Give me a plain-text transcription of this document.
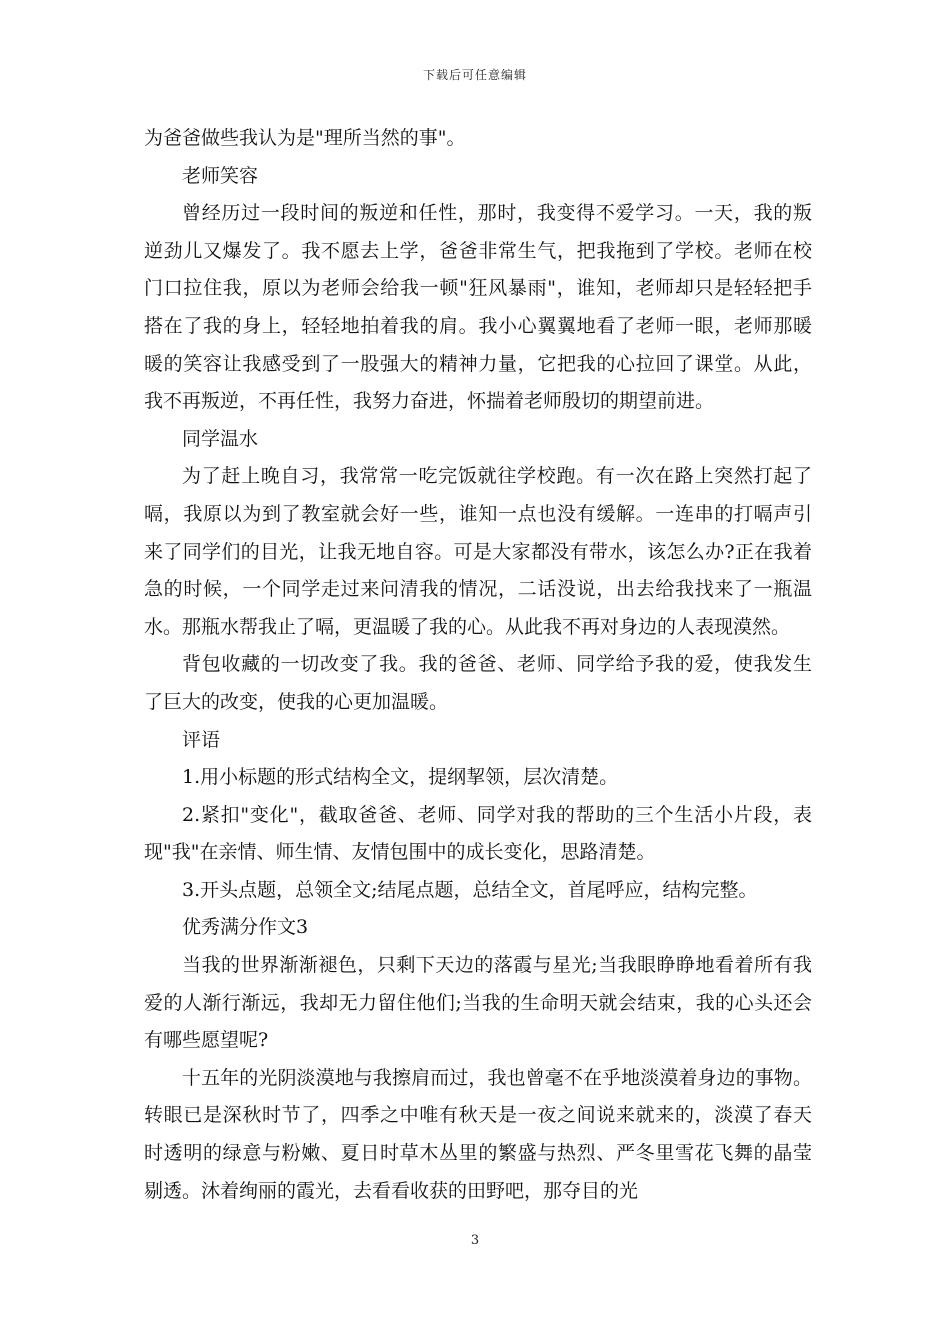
下载后可任意编辑

为爸爸做些我认为是"理所当然的事"。

老师笑容

曾经历过一段时间的叛逆和任性，那时，我变得不爱学习。一天，我的叛

逆劲儿又爆发了。我不愿去上学，爸爸非常生气，把我拖到了学校。老师在校

门口拉住我，原以为老师会给我一顿"狂风暴雨"，谁知，老师却只是轻轻把手

搭在了我的身上，轻轻地拍着我的肩。我小心翼翼地看了老师一眼，老师那暖

暖的笑容让我感受到了一股强大的精神力量，它把我的心拉回了课堂。从此，

我不再叛逆，不再任性，我努力奋进，怀揣着老师殷切的期望前进。

同学温水

为了赶上晚自习，我常常一吃完饭就往学校跑。有一次在路上突然打起了

嗝，我原以为到了教室就会好一些，谁知一点也没有缓解。一连串的打嗝声引

来了同学们的目光，让我无地自容。可是大家都没有带水，该怎么办?正在我着

急的时候，一个同学走过来问清我的情况，二话没说，出去给我找来了一瓶温

水。那瓶水帮我止了嗝，更温暖了我的心。从此我不再对身边的人表现漠然。

背包收藏的一切改变了我。我的爸爸、老师、同学给予我的爱，使我发生

了巨大的改变，使我的心更加温暖。

评语

1.用小标题的形式结构全文，提纲挈领，层次清楚。

2.紧扣"变化"，截取爸爸、老师、同学对我的帮助的三个生活小片段，表

现"我"在亲情、师生情、友情包围中的成长变化，思路清楚。

3.开头点题，总领全文;结尾点题，总结全文，首尾呼应，结构完整。

优秀满分作文3

当我的世界渐渐褪色，只剩下天边的落霞与星光;当我眼睁睁地看着所有我

爱的人渐行渐远，我却无力留住他们;当我的生命明天就会结束，我的心头还会

有哪些愿望呢?

十五年的光阴淡漠地与我擦肩而过，我也曾毫不在乎地淡漠着身边的事物。

转眼已是深秋时节了，四季之中唯有秋天是一夜之间说来就来的，淡漠了春天

时透明的绿意与粉嫩、夏日时草木丛里的繁盛与热烈、严冬里雪花飞舞的晶莹

剔透。沐着绚丽的霞光，去看看收获的田野吧，那夺目的光

3
